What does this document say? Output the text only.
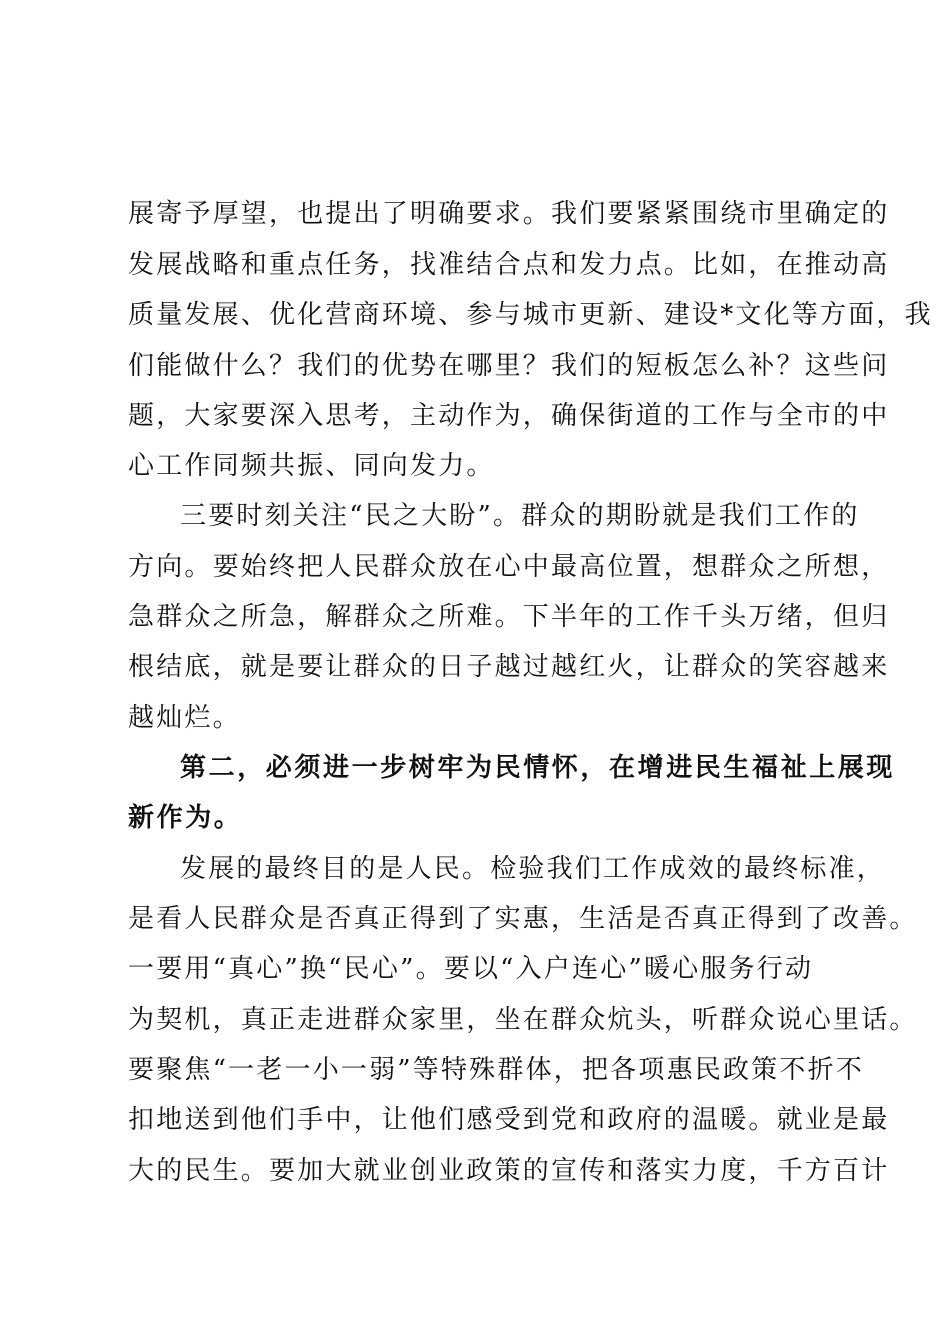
展寄予厚望，也提出了明确要求。我们要紧紧围绕市里确定的
发展战略和重点任务，找准结合点和发力点。比如，在推动高
质量发展、优化营商环境、参与城市更新、建设*文化等方面，我
们能做什么？我们的优势在哪里？我们的短板怎么补？这些问
题，大家要深入思考，主动作为，确保街道的工作与全市的中
心工作同频共振、同向发力。
三要时刻关注“民之大盼”。群众的期盼就是我们工作的
方向。要始终把人民群众放在心中最高位置，想群众之所想，
急群众之所急，解群众之所难。下半年的工作千头万绪，但归
根结底，就是要让群众的日子越过越红火，让群众的笑容越来
越灿烂。
第二，必须进一步树牢为民情怀，在增进民生福祉上展现
新作为。
发展的最终目的是人民。检验我们工作成效的最终标准，
是看人民群众是否真正得到了实惠，生活是否真正得到了改善。
一要用“真心”换“民心”。要以“入户连心”暖心服务行动
为契机，真正走进群众家里，坐在群众炕头，听群众说心里话。
要聚焦“一老一小一弱”等特殊群体，把各项惠民政策不折不
扣地送到他们手中，让他们感受到党和政府的温暖。就业是最
大的民生。要加大就业创业政策的宣传和落实力度，千方百计
